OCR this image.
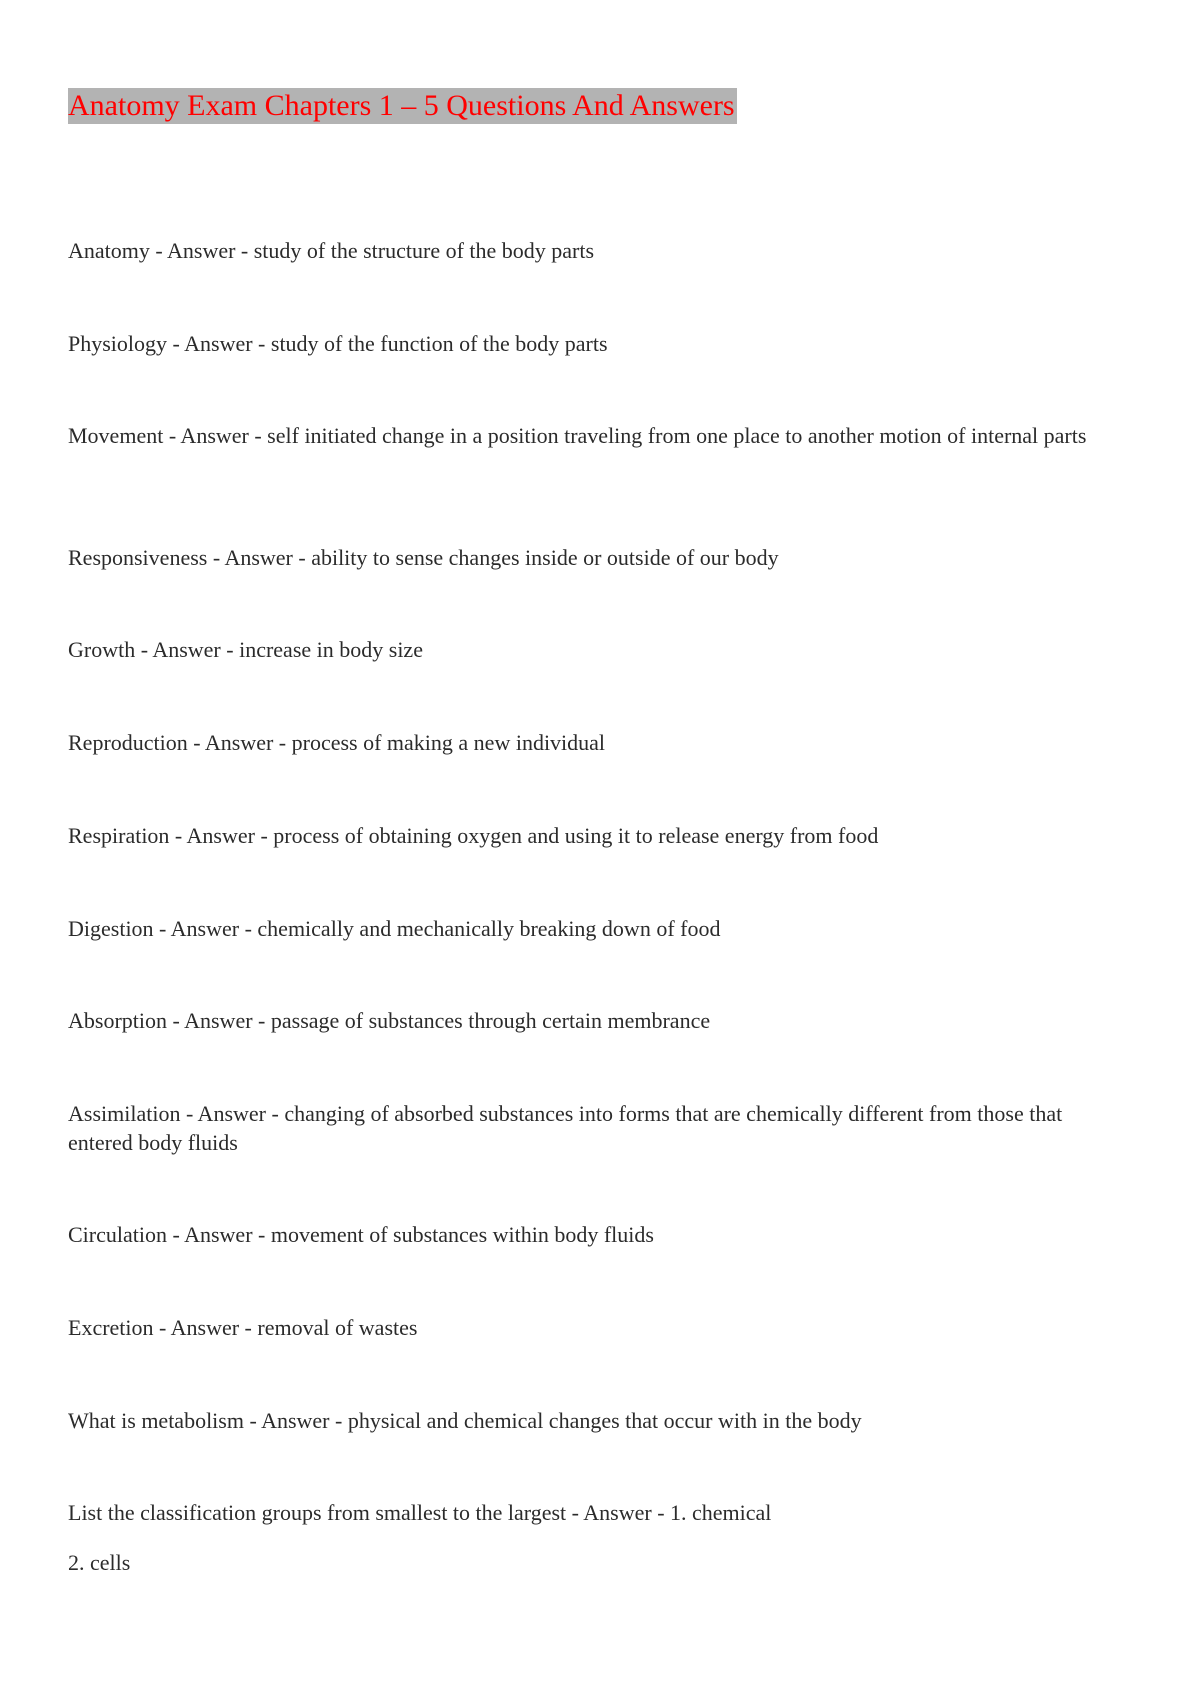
Anatomy Exam Chapters 1 – 5 Questions And Answers
Anatomy - Answer - study of the structure of the body parts
Physiology - Answer - study of the function of the body parts
Movement - Answer - self initiated change in a position traveling from one place to another motion of internal parts
Responsiveness - Answer - ability to sense changes inside or outside of our body
Growth - Answer - increase in body size
Reproduction - Answer - process of making a new individual
Respiration - Answer - process of obtaining oxygen and using it to release energy from food
Digestion - Answer - chemically and mechanically breaking down of food
Absorption - Answer - passage of substances through certain membrance
Assimilation - Answer - changing of absorbed substances into forms that are chemically different from those that entered body fluids
Circulation - Answer - movement of substances within body fluids
Excretion - Answer - removal of wastes
What is metabolism - Answer - physical and chemical changes that occur with in the body
List the classification groups from smallest to the largest - Answer - 1. chemical
2. cells
